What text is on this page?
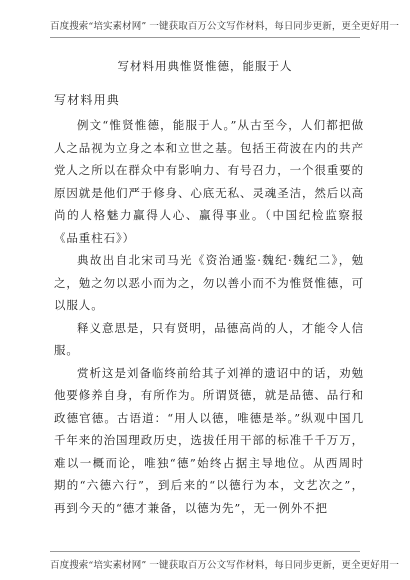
百度搜索“培实素材网” 一键获取百万公文写作材料，每日同步更新，更全更好用一
写材料用典惟贤惟德，能服于人
写材料用典

例文“惟贤惟德，能服于人。”从古至今，人们都把做人之品视为立身之本和立世之基。包括王荷波在内的共产党人之所以在群众中有影响力、有号召力，一个很重要的原因就是他们严于修身、心底无私、灵魂圣洁，然后以高尚的人格魅力赢得人心、赢得事业。（中国纪检监察报《品重柱石》）

典故出自北宋司马光《资治通鉴·魏纪·魏纪二》，勉之，勉之勿以恶小而为之，勿以善小而不为惟贤惟德，可以服人。

释义意思是，只有贤明，品德高尚的人，才能令人信服。

赏析这是刘备临终前给其子刘禅的遗诏中的话，劝勉他要修养自身，有所作为。所谓贤德，就是品德、品行和政德官德。古语道：“用人以德，唯德是举。”纵观中国几千年来的治国理政历史，选拔任用干部的标准千千万万，难以一概而论，唯独“德”始终占据主导地位。从西周时期的“六德六行”，到后来的“以德行为本，文艺次之”，再到今天的“德才兼备，以德为先”，无一例外不把

百度搜索“培实素材网” 一键获取百万公文写作材料，每日同步更新，更全更好用一
